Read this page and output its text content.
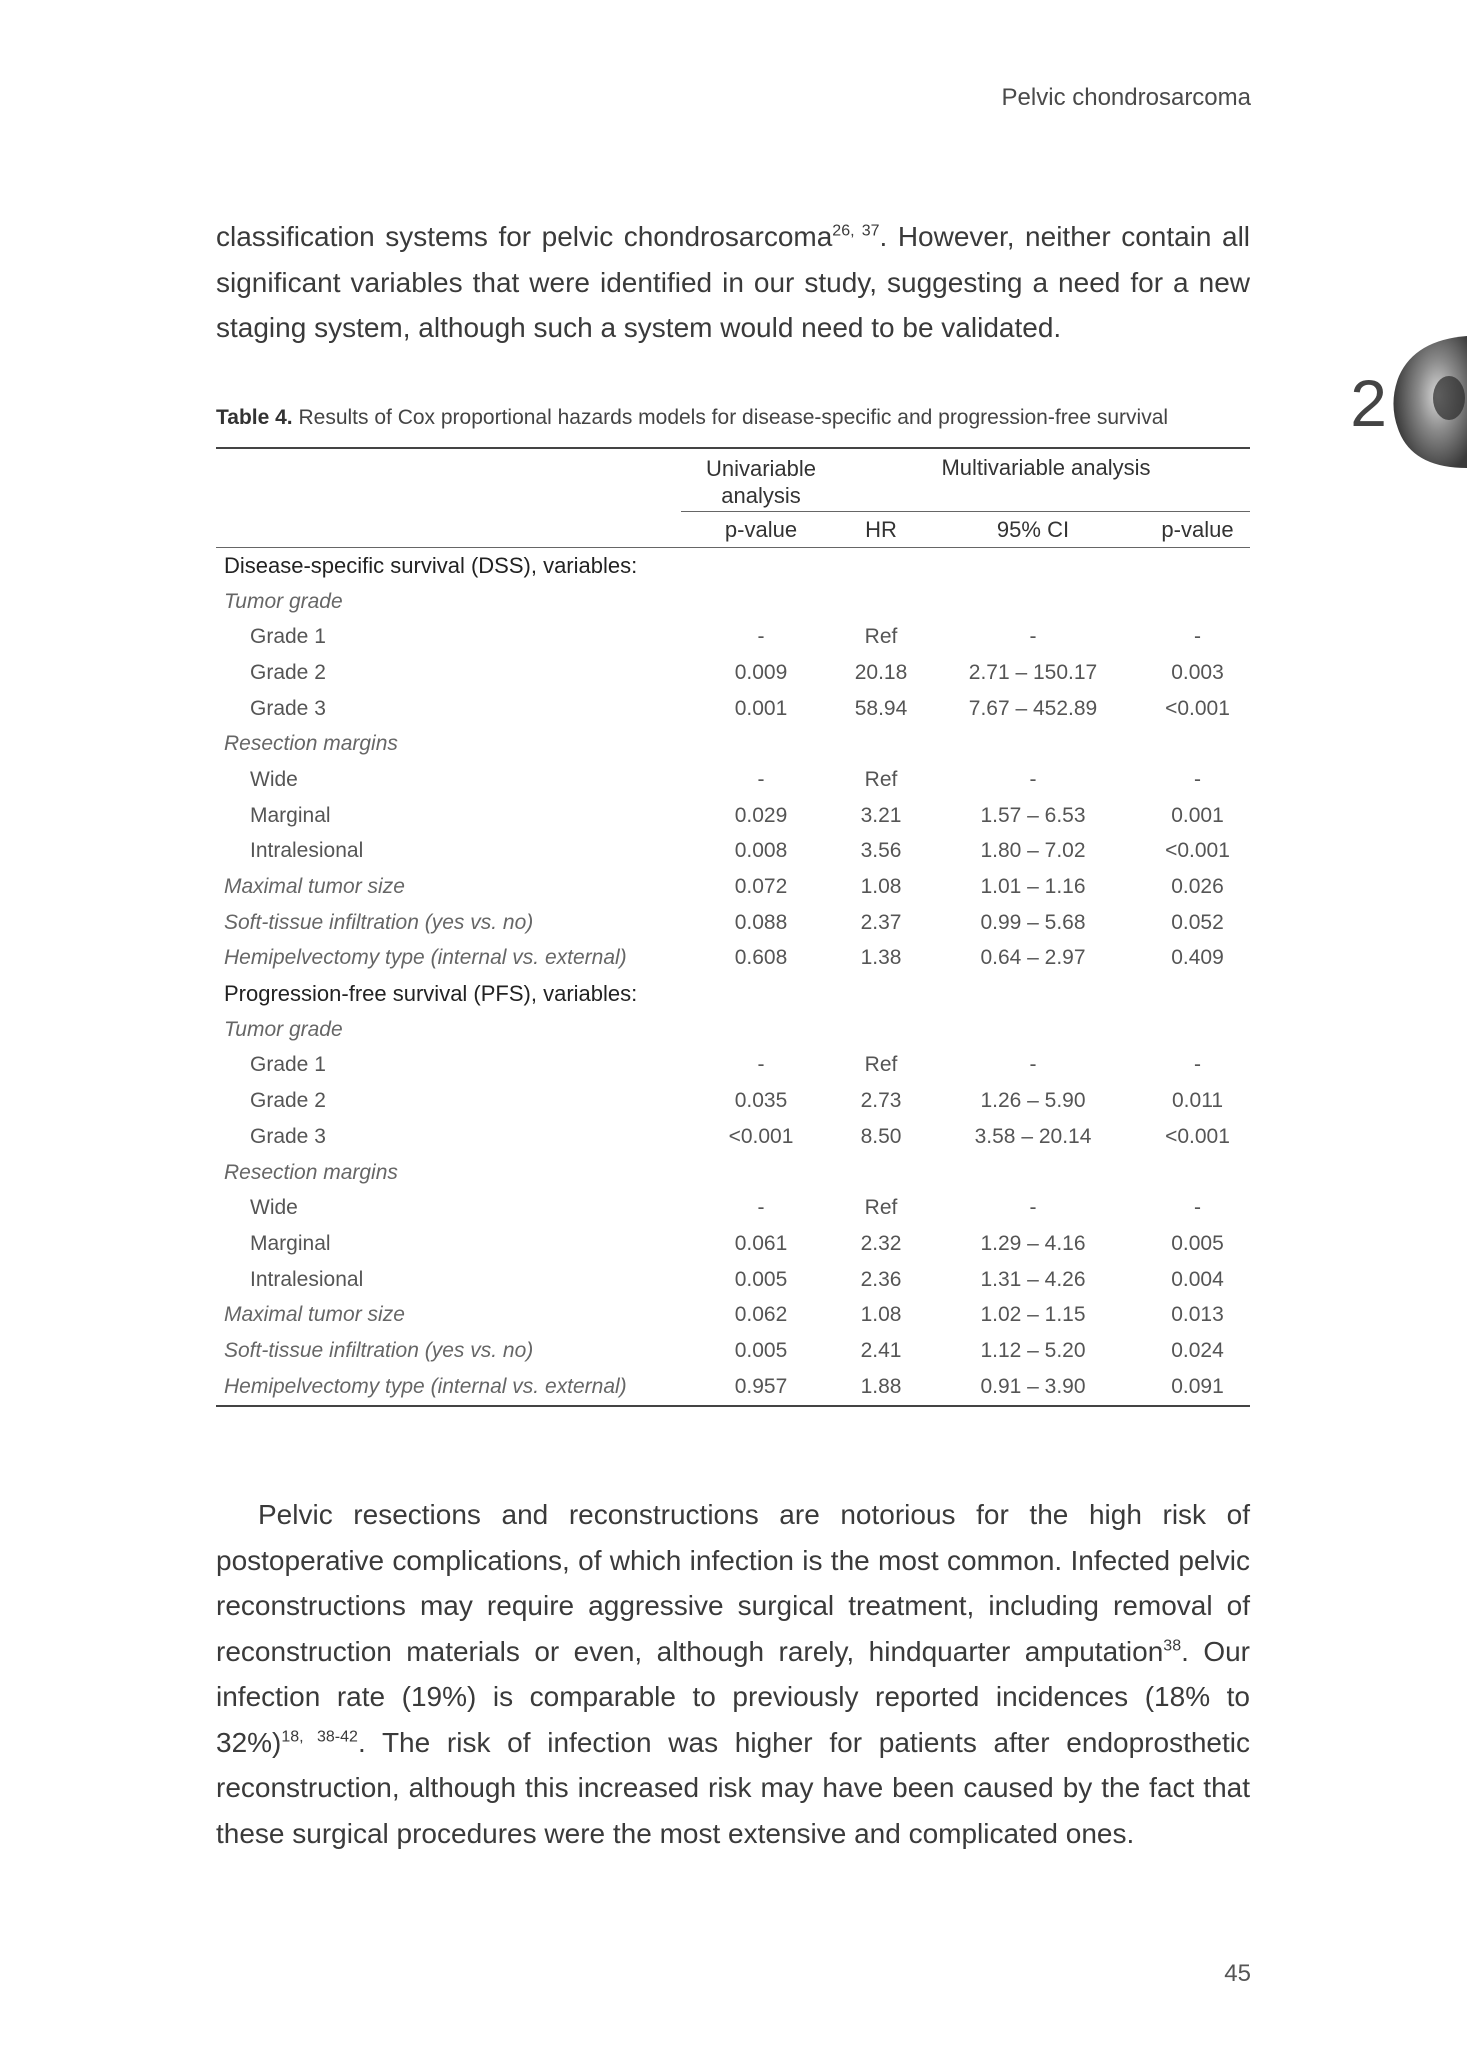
Pelvic chondrosarcoma
2
classification systems for pelvic chondrosarcoma$^{26, 37}$. However, neither contain all significant variables that were identified in our study, suggesting a need for a new staging system, although such a system would need to be validated.
Table 4. Results of Cox proportional hazards models for disease-specific and progression-free survival
Univariable analysis
Multivariable analysis
p-value	HR	95% CI	p-value
Disease-specific survival (DSS), variables:
Tumor grade
Grade 1	-	Ref	-	-
Grade 2	0.009	20.18	2.71 – 150.17	0.003
Grade 3	0.001	58.94	7.67 – 452.89	<0.001
Resection margins
Wide	-	Ref	-	-
Marginal	0.029	3.21	1.57 – 6.53	0.001
Intralesional	0.008	3.56	1.80 – 7.02	<0.001
Maximal tumor size	0.072	1.08	1.01 – 1.16	0.026
Soft-tissue infiltration (yes vs. no)	0.088	2.37	0.99 – 5.68	0.052
Hemipelvectomy type (internal vs. external)	0.608	1.38	0.64 – 2.97	0.409
Progression-free survival (PFS), variables:
Tumor grade
Grade 1	-	Ref	-	-
Grade 2	0.035	2.73	1.26 – 5.90	0.011
Grade 3	<0.001	8.50	3.58 – 20.14	<0.001
Resection margins
Wide	-	Ref	-	-
Marginal	0.061	2.32	1.29 – 4.16	0.005
Intralesional	0.005	2.36	1.31 – 4.26	0.004
Maximal tumor size	0.062	1.08	1.02 – 1.15	0.013
Soft-tissue infiltration (yes vs. no)	0.005	2.41	1.12 – 5.20	0.024
Hemipelvectomy type (internal vs. external)	0.957	1.88	0.91 – 3.90	0.091
Pelvic resections and reconstructions are notorious for the high risk of postoperative complications, of which infection is the most common. Infected pelvic reconstructions may require aggressive surgical treatment, including removal of reconstruction materials or even, although rarely, hindquarter amputation$^{38}$. Our infection rate (19%) is comparable to previously reported incidences (18% to 32%)$^{18, 38-42}$. The risk of infection was higher for patients after endoprosthetic reconstruction, although this increased risk may have been caused by the fact that these surgical procedures were the most extensive and complicated ones.
45
